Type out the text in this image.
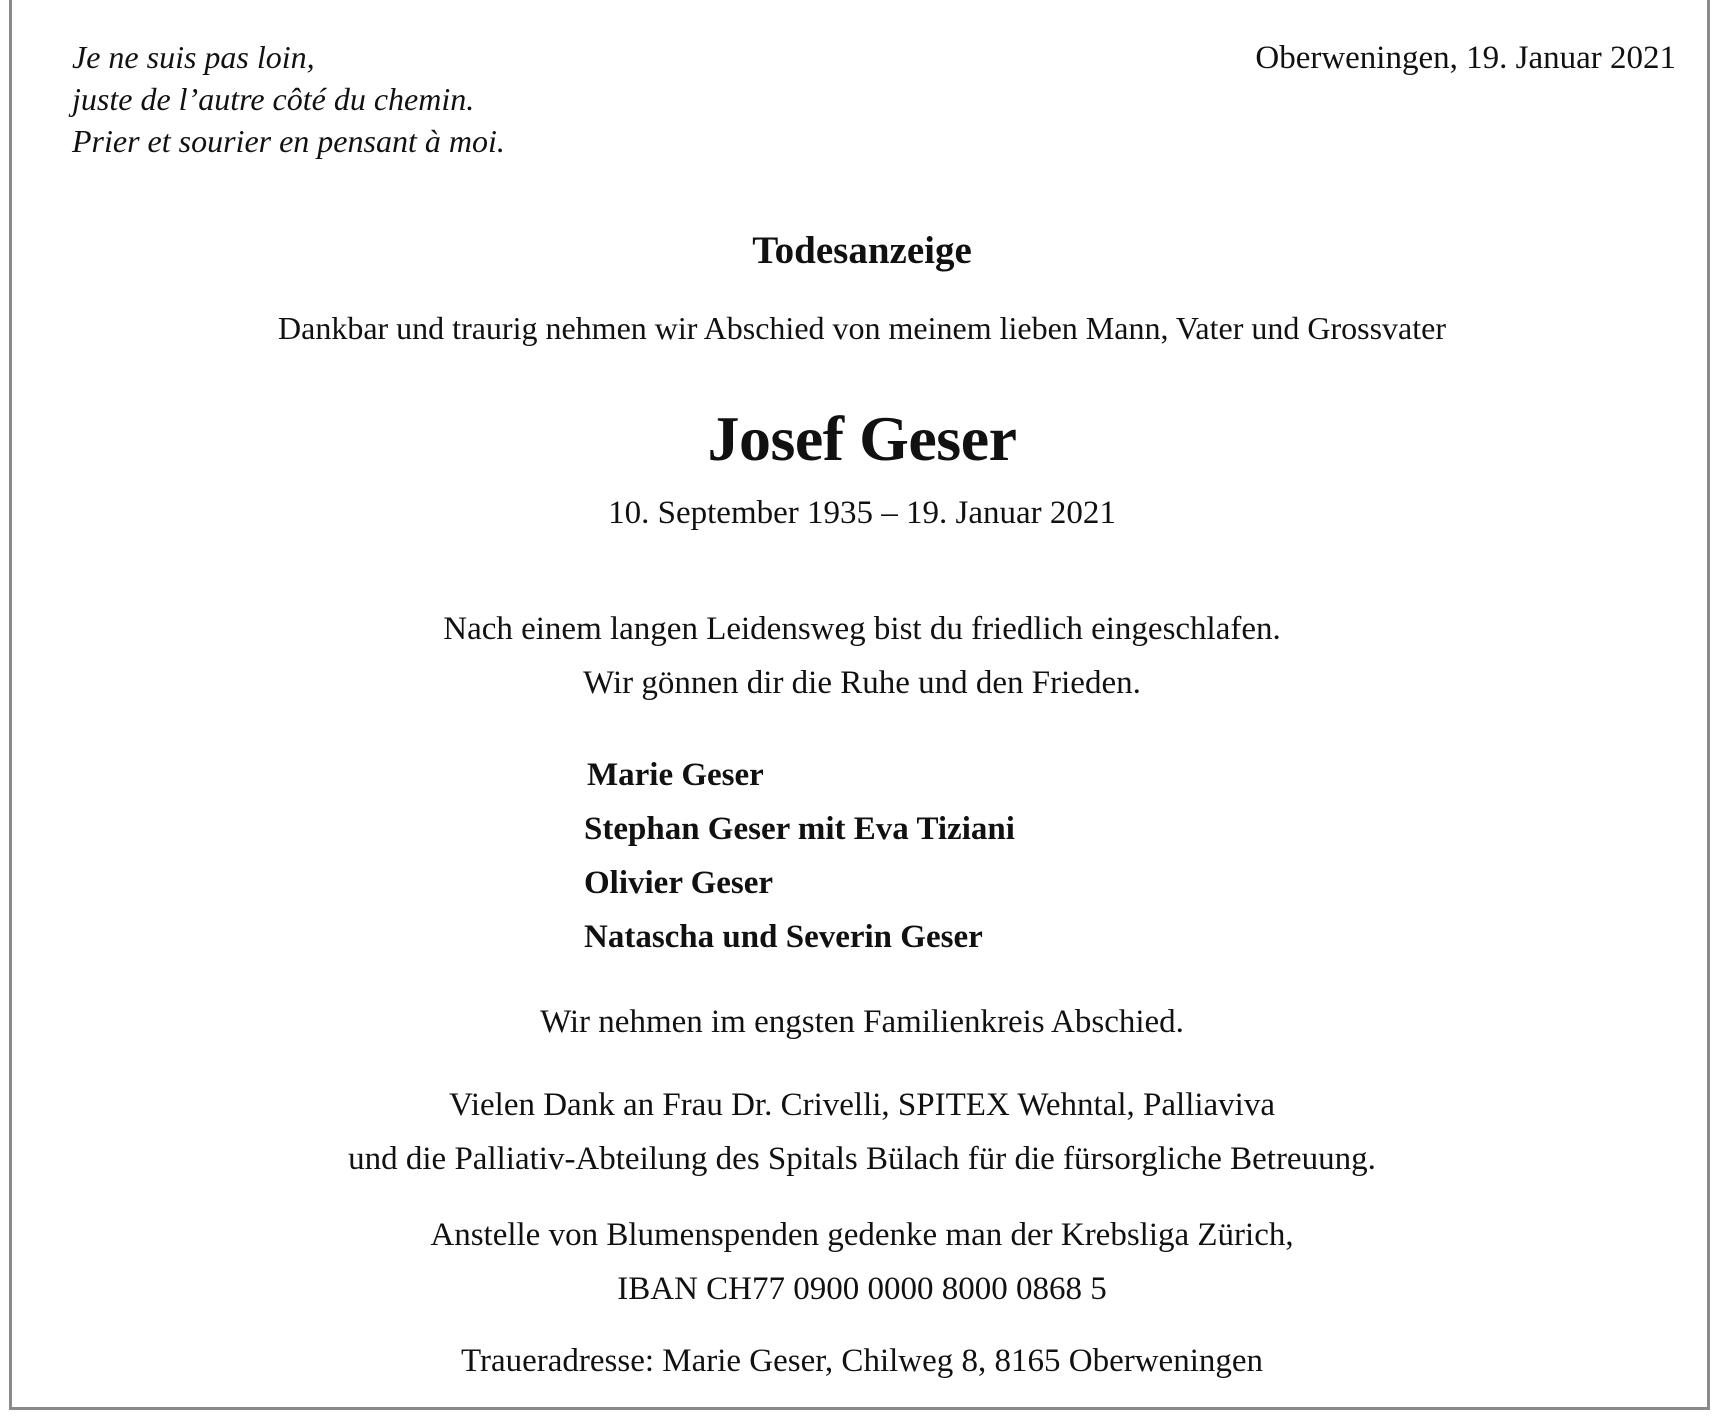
Je ne suis pas loin,
juste de l’autre côté du chemin.
Prier et sourier en pensant à moi.
Oberweningen, 19. Januar 2021
Todesanzeige
Dankbar und traurig nehmen wir Abschied von meinem lieben Mann, Vater und Grossvater
Josef Geser
10. September 1935 – 19. Januar 2021
Nach einem langen Leidensweg bist du friedlich eingeschlafen.
Wir gönnen dir die Ruhe und den Frieden.
Marie Geser
Stephan Geser mit Eva Tiziani
Olivier Geser
Natascha und Severin Geser
Wir nehmen im engsten Familienkreis Abschied.
Vielen Dank an Frau Dr. Crivelli, SPITEX Wehntal, Palliaviva
und die Palliativ-Abteilung des Spitals Bülach für die fürsorgliche Betreuung.
Anstelle von Blumenspenden gedenke man der Krebsliga Zürich,
IBAN CH77 0900 0000 8000 0868 5
Traueradresse: Marie Geser, Chilweg 8, 8165 Oberweningen
